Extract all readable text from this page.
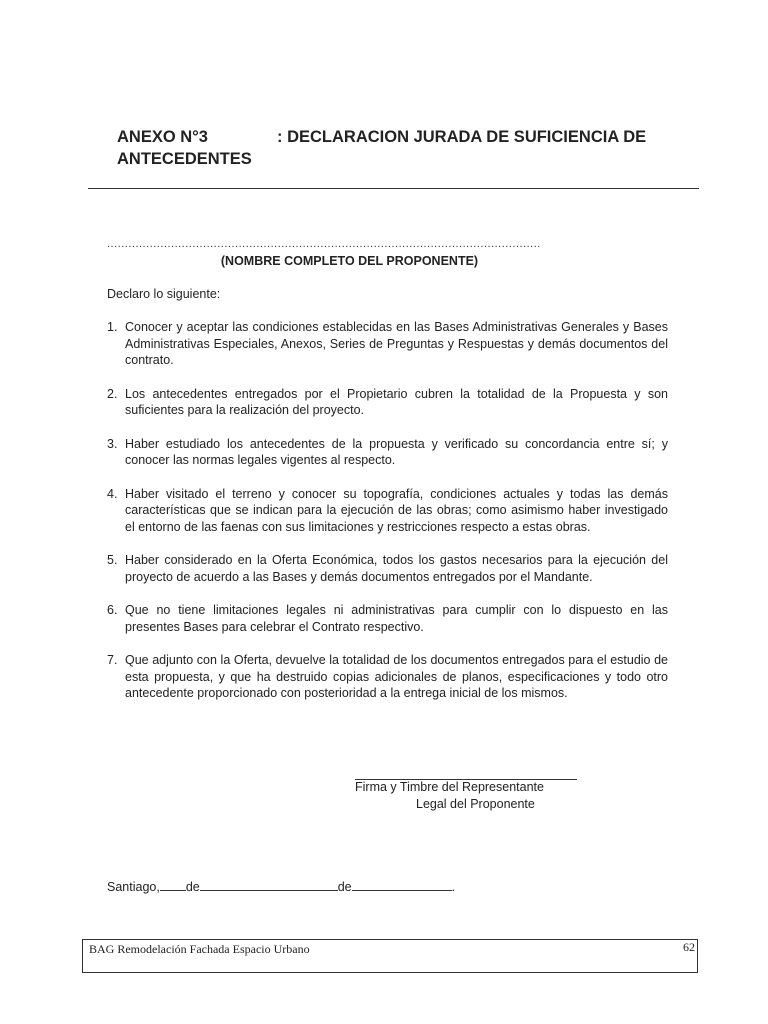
ANEXO N°3	: DECLARACION JURADA DE SUFICIENCIA DE
ANTECEDENTES
..........................................................................................................................
(NOMBRE COMPLETO DEL PROPONENTE)
Declaro lo siguiente:
1. Conocer y aceptar las condiciones establecidas en las Bases Administrativas Generales y Bases Administrativas Especiales, Anexos, Series de Preguntas y Respuestas y demás documentos del contrato.
2. Los antecedentes entregados por el Propietario cubren la totalidad de la Propuesta y son suficientes para la realización del proyecto.
3. Haber estudiado los antecedentes de la propuesta y verificado su concordancia entre sí; y conocer las normas legales vigentes al respecto.
4. Haber visitado el terreno y conocer su topografía, condiciones actuales y todas las demás características que se indican para la ejecución de las obras; como asimismo haber investigado el entorno de las faenas con sus limitaciones y restricciones respecto a estas obras.
5. Haber considerado en la Oferta Económica, todos los gastos necesarios para la ejecución del proyecto de acuerdo a las Bases y demás documentos entregados por el Mandante.
6. Que no tiene limitaciones legales ni administrativas para cumplir con lo dispuesto en las presentes Bases para celebrar el Contrato respectivo.
7. Que adjunto con la Oferta, devuelve la totalidad de los documentos entregados para el estudio de esta propuesta, y que ha destruido copias adicionales de planos, especificaciones y todo otro antecedente proporcionado con posterioridad a la entrega inicial de los mismos.
Firma y Timbre del Representante
Legal del Proponente
Santiago, de	de	.
BAG Remodelación Fachada Espacio Urbano	62
